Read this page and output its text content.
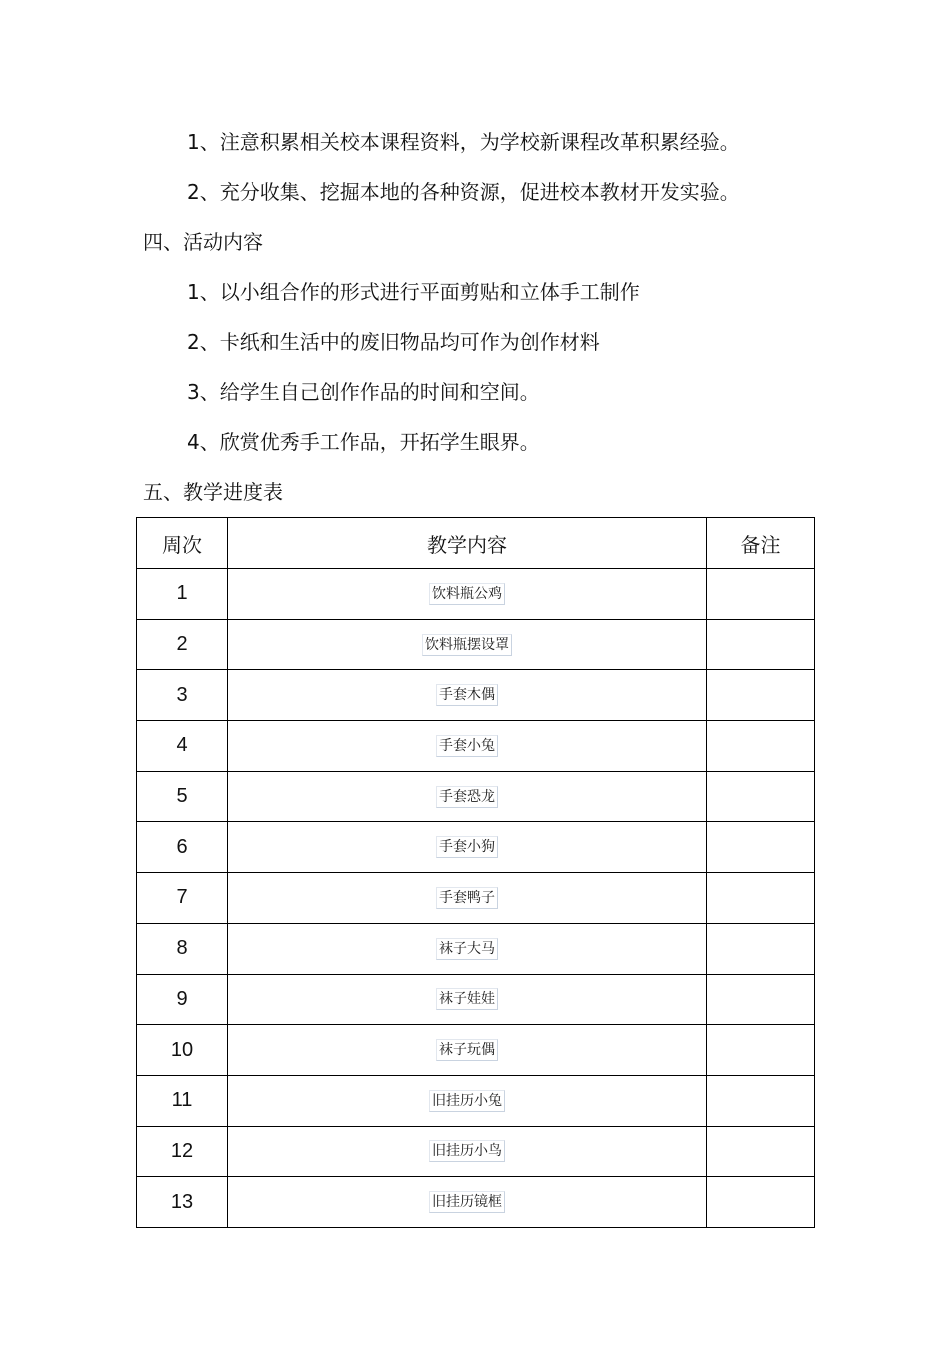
1、注意积累相关校本课程资料，为学校新课程改革积累经验。
2、充分收集、挖掘本地的各种资源，促进校本教材开发实验。
四、活动内容
1、以小组合作的形式进行平面剪贴和立体手工制作
2、卡纸和生活中的废旧物品均可作为创作材料
3、给学生自己创作作品的时间和空间。
4、欣赏优秀手工作品，开拓学生眼界。
五、教学进度表
周次	教学内容	备注
1	饮料瓶公鸡	
2	饮料瓶摆设罩	
3	手套木偶	
4	手套小兔	
5	手套恐龙	
6	手套小狗	
7	手套鸭子	
8	袜子大马	
9	袜子娃娃	
10	袜子玩偶	
11	旧挂历小兔	
12	旧挂历小鸟	
13	旧挂历镜框	
